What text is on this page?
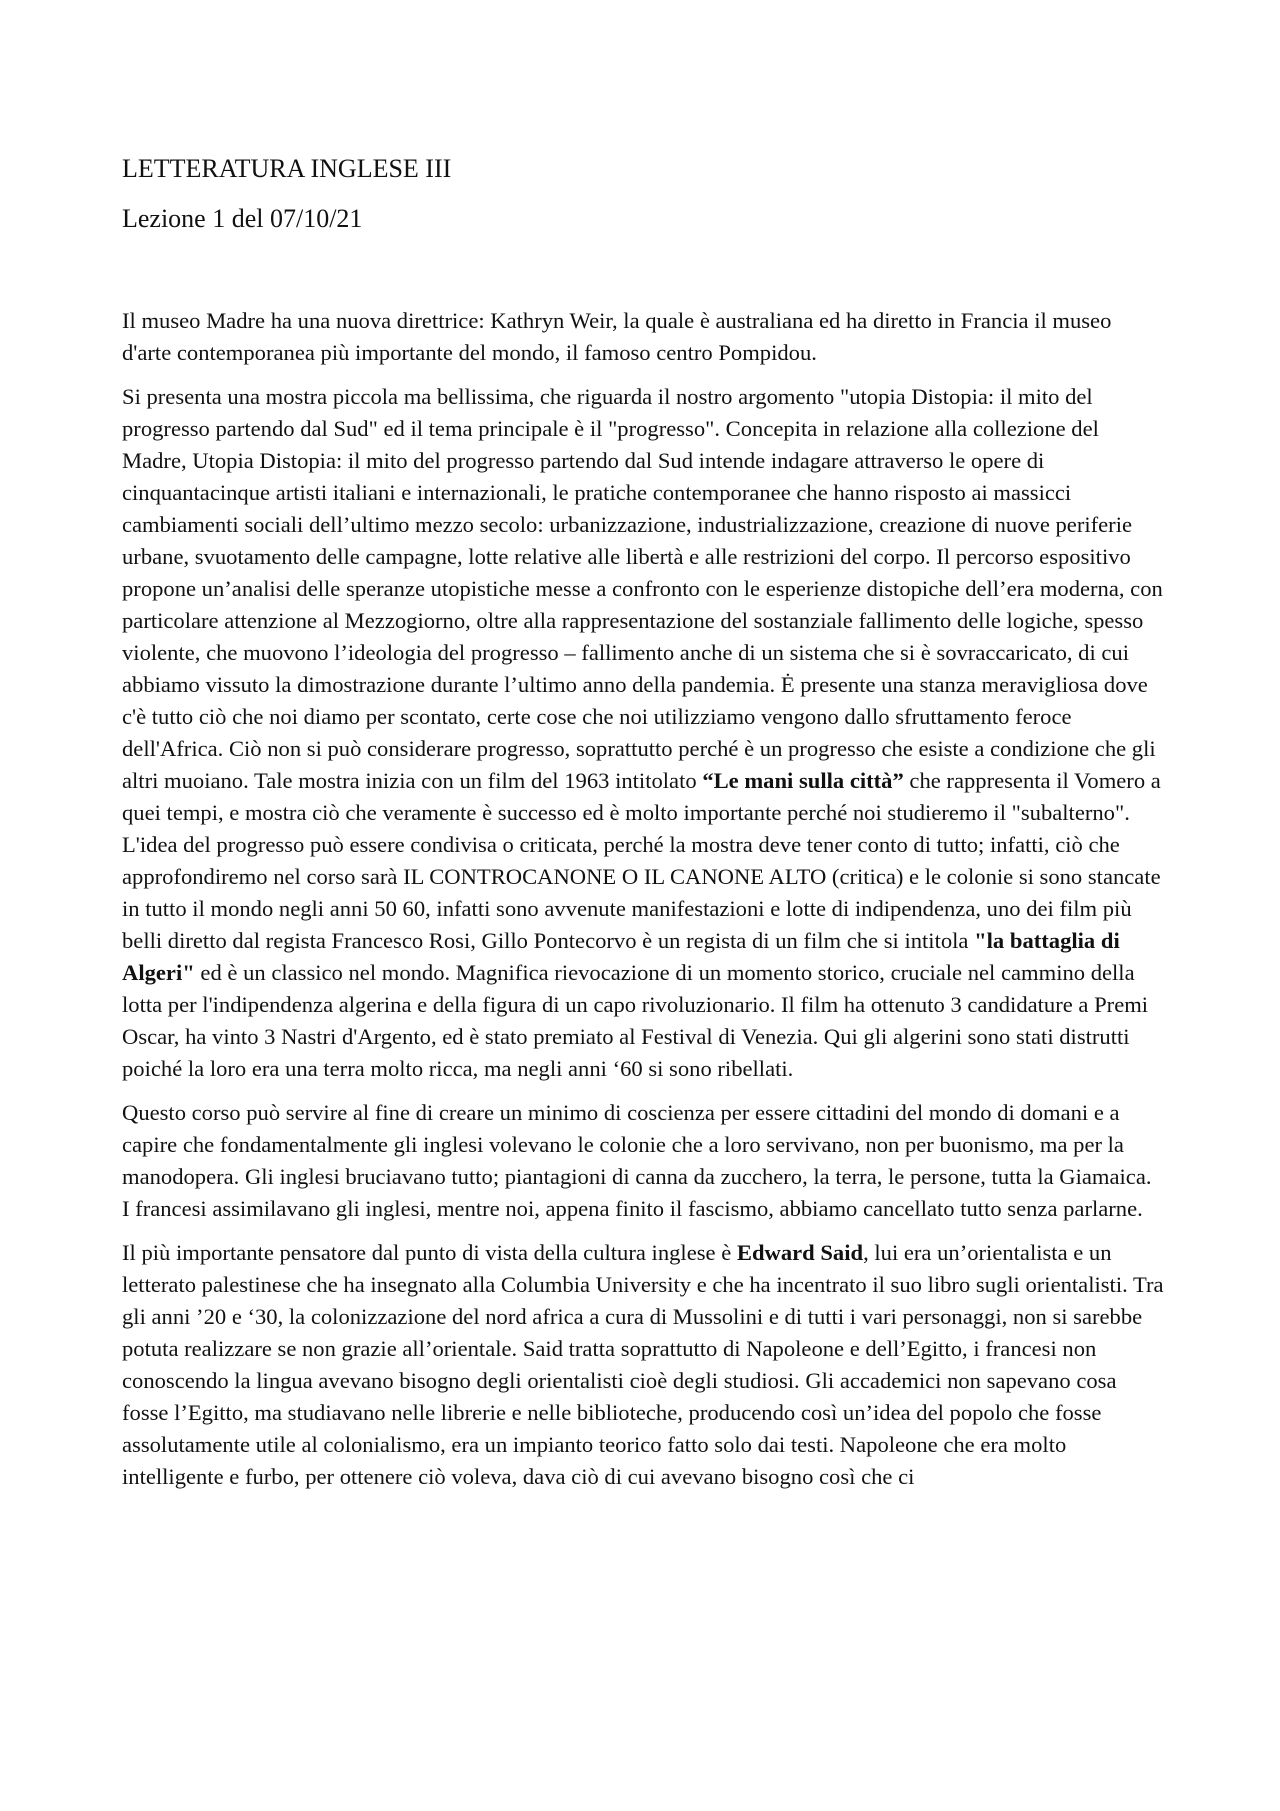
LETTERATURA INGLESE III
Lezione 1 del 07/10/21

Il museo Madre ha una nuova direttrice: Kathryn Weir, la quale è australiana ed ha diretto in Francia il museo d'arte contemporanea più importante del mondo, il famoso centro Pompidou.

Si presenta una mostra piccola ma bellissima, che riguarda il nostro argomento "utopia Distopia: il mito del progresso partendo dal Sud" ed il tema principale è il "progresso". Concepita in relazione alla collezione del Madre, Utopia Distopia: il mito del progresso partendo dal Sud intende indagare attraverso le opere di cinquantacinque artisti italiani e internazionali, le pratiche contemporanee che hanno risposto ai massicci cambiamenti sociali dell’ultimo mezzo secolo: urbanizzazione, industrializzazione, creazione di nuove periferie urbane, svuotamento delle campagne, lotte relative alle libertà e alle restrizioni del corpo. Il percorso espositivo propone un’analisi delle speranze utopistiche messe a confronto con le esperienze distopiche dell’era moderna, con particolare attenzione al Mezzogiorno, oltre alla rappresentazione del sostanziale fallimento delle logiche, spesso violente, che muovono l’ideologia del progresso – fallimento anche di un sistema che si è sovraccaricato, di cui abbiamo vissuto la dimostrazione durante l’ultimo anno della pandemia. Ė presente una stanza meravigliosa dove c'è tutto ciò che noi diamo per scontato, certe cose che noi utilizziamo vengono dallo sfruttamento feroce dell'Africa. Ciò non si può considerare progresso, soprattutto perché è un progresso che esiste a condizione che gli altri muoiano. Tale mostra inizia con un film del 1963 intitolato “Le mani sulla città” che rappresenta il Vomero a quei tempi, e mostra ciò che veramente è successo ed è molto importante perché noi studieremo il "subalterno". L'idea del progresso può essere condivisa o criticata, perché la mostra deve tener conto di tutto; infatti, ciò che approfondiremo nel corso sarà IL CONTROCANONE O IL CANONE ALTO (critica) e le colonie si sono stancate in tutto il mondo negli anni 50 60, infatti sono avvenute manifestazioni e lotte di indipendenza, uno dei film più belli diretto dal regista Francesco Rosi, Gillo Pontecorvo è un regista di un film che si intitola "la battaglia di Algeri" ed è un classico nel mondo. Magnifica rievocazione di un momento storico, cruciale nel cammino della lotta per l'indipendenza algerina e della figura di un capo rivoluzionario. Il film ha ottenuto 3 candidature a Premi Oscar, ha vinto 3 Nastri d'Argento, ed è stato premiato al Festival di Venezia. Qui gli algerini sono stati distrutti poiché la loro era una terra molto ricca, ma negli anni ‘60 si sono ribellati.

Questo corso può servire al fine di creare un minimo di coscienza per essere cittadini del mondo di domani e a capire che fondamentalmente gli inglesi volevano le colonie che a loro servivano, non per buonismo, ma per la manodopera. Gli inglesi bruciavano tutto; piantagioni di canna da zucchero, la terra, le persone, tutta la Giamaica. I francesi assimilavano gli inglesi, mentre noi, appena finito il fascismo, abbiamo cancellato tutto senza parlarne.

Il più importante pensatore dal punto di vista della cultura inglese è Edward Said, lui era un’orientalista e un letterato palestinese che ha insegnato alla Columbia University e che ha incentrato il suo libro sugli orientalisti. Tra gli anni ’20 e ‘30, la colonizzazione del nord africa a cura di Mussolini e di tutti i vari personaggi, non si sarebbe potuta realizzare se non grazie all’orientale. Said tratta soprattutto di Napoleone e dell’Egitto, i francesi non conoscendo la lingua avevano bisogno degli orientalisti cioè degli studiosi. Gli accademici non sapevano cosa fosse l’Egitto, ma studiavano nelle librerie e nelle biblioteche, producendo così un’idea del popolo che fosse assolutamente utile al colonialismo, era un impianto teorico fatto solo dai testi. Napoleone che era molto intelligente e furbo, per ottenere ciò voleva, dava ciò di cui avevano bisogno così che ci
